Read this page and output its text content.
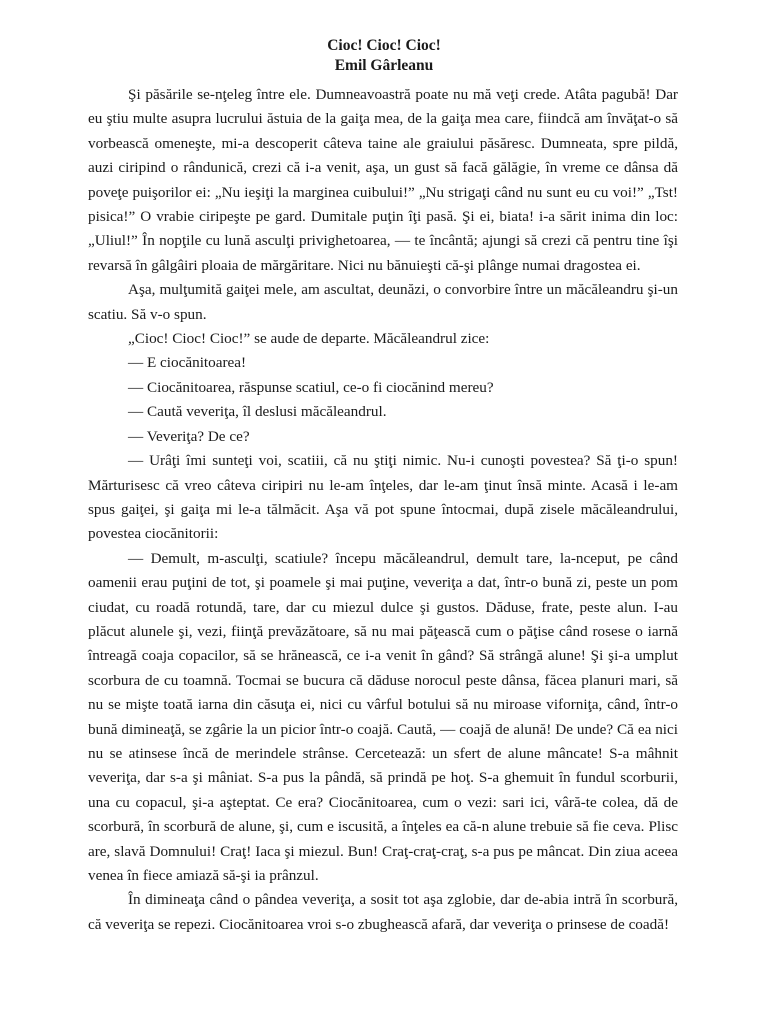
Cioc! Cioc! Cioc!

Emil Gârleanu

Şi păsările se-nţeleg între ele. Dumneavoastră poate nu mă veţi crede. Atâta pagubă! Dar eu ştiu multe asupra lucrului ăstuia de la gaiţa mea, de la gaiţa mea care, fiindcă am învăţat-o să vorbească omeneşte, mi-a descoperit câteva taine ale graiului păsăresc. Dumneata, spre pildă, auzi ciripind o rândunică, crezi că i-a venit, aşa, un gust să facă gălăgie, în vreme ce dânsa dă poveţe puişorilor ei: „Nu ieşiţi la marginea cuibului!” „Nu strigaţi când nu sunt eu cu voi!” „Tst! pisica!” O vrabie ciripeşte pe gard. Dumitale puţin îţi pasă. Şi ei, biata! i-a sărit inima din loc: „Uliul!” În nopţile cu lună asculţi privighetoarea, — te încântă; ajungi să crezi că pentru tine îşi revarsă în gâlgâiri ploaia de mărgăritare. Nici nu bănuieşti că-şi plânge numai dragostea ei.

Aşa, mulţumită gaiţei mele, am ascultat, deunăzi, o convorbire între un măcăleandru şi-un scatiu. Să v-o spun.

„Cioc! Cioc! Cioc!” se aude de departe. Măcăleandrul zice:

— E ciocănitoarea!

— Ciocănitoarea, răspunse scatiul, ce-o fi ciocănind mereu?

— Caută veveriţa, îl deslusi măcăleandrul.

— Veveriţa? De ce?

— Urâţi îmi sunteţi voi, scatiii, că nu ştiţi nimic. Nu-i cunoşti povestea? Să ţi-o spun! Mărturisesc că vreo câteva ciripiri nu le-am înţeles, dar le-am ţinut însă minte. Acasă i le-am spus gaiţei, şi gaiţa mi le-a tălmăcit. Aşa vă pot spune întocmai, după zisele măcăleandrului, povestea ciocănitorii:

— Demult, m-asculţi, scatiule? începu măcăleandrul, demult tare, la-nceput, pe când oamenii erau puţini de tot, şi poamele şi mai puţine, veveriţa a dat, într-o bună zi, peste un pom ciudat, cu roadă rotundă, tare, dar cu miezul dulce şi gustos. Dăduse, frate, peste alun. I-au plăcut alunele şi, vezi, fiinţă prevăzătoare, să nu mai păţească cum o păţise când rosese o iarnă întreagă coaja copacilor, să se hrănească, ce i-a venit în gând? Să strângă alune! Şi şi-a umplut scorbura de cu toamnă. Tocmai se bucura că dăduse norocul peste dânsa, făcea planuri mari, să nu se mişte toată iarna din căsuţa ei, nici cu vârful botului să nu miroase viforniţa, când, într-o bună dimineaţă, se zgârie la un picior într-o coajă. Caută, — coajă de alună! De unde? Că ea nici nu se atinsese încă de merindele strânse. Cercetează: un sfert de alune mâncate! S-a mâhnit veveriţa, dar s-a şi mâniat. S-a pus la pândă, să prindă pe hoţ. S-a ghemuit în fundul scorburii, una cu copacul, şi-a aşteptat. Ce era? Ciocănitoarea, cum o vezi: sari ici, vâră-te colea, dă de scorbură, în scorbură de alune, şi, cum e iscusită, a înţeles ea că-n alune trebuie să fie ceva. Plisc are, slavă Domnului! Craţ! Iaca şi miezul. Bun! Craţ-craţ-craţ, s-a pus pe mâncat. Din ziua aceea venea în fiece amiază să-şi ia prânzul.

În dimineaţa când o pândea veveriţa, a sosit tot aşa zglobie, dar de-abia intră în scorbură, că veveriţa se repezi. Ciocănitoarea vroi s-o zbughească afară, dar veveriţa o prinsese de coadă!
